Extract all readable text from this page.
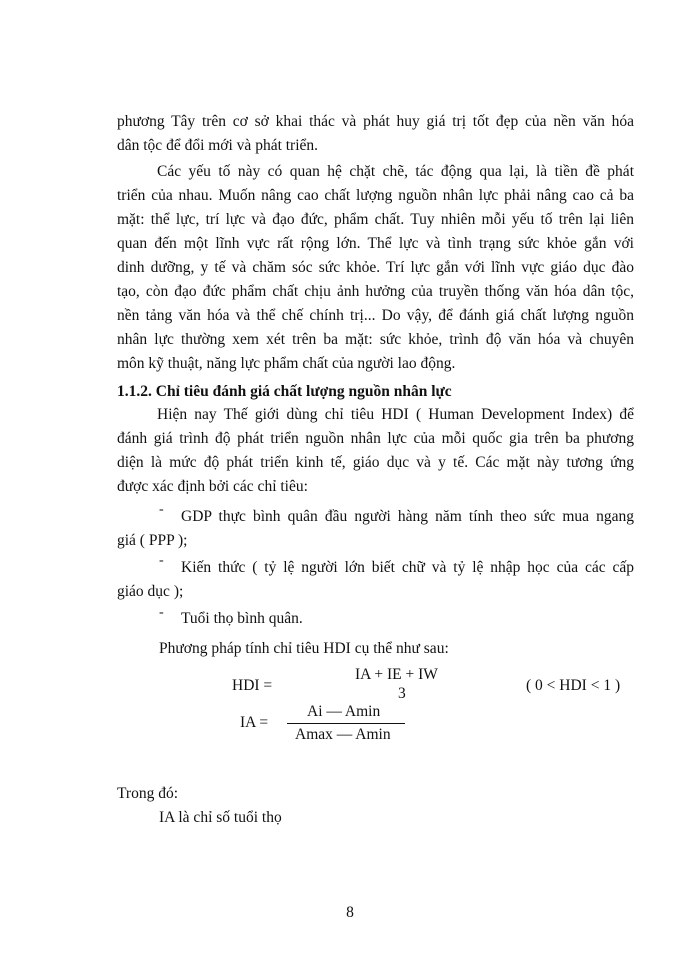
phương Tây trên cơ sở khai thác và phát huy giá trị tốt đẹp của nền văn hóa
dân tộc để đổi mới và phát triển.
Các yếu tố này có quan hệ chặt chẽ, tác động qua lại, là tiền đề phát
triển của nhau. Muốn nâng cao chất lượng nguồn nhân lực phải nâng cao cả ba
mặt: thể lực, trí lực và đạo đức, phẩm chất. Tuy nhiên mỗi yếu tố trên lại liên
quan đến một lĩnh vực rất rộng lớn. Thể lực và tình trạng sức khỏe gắn với
dinh dưỡng, y tế và chăm sóc sức khỏe. Trí lực gắn với lĩnh vực giáo dục đào
tạo, còn đạo đức phẩm chất chịu ảnh hưởng của truyền thống văn hóa dân tộc,
nền tảng văn hóa và thể chế chính trị... Do vậy, để đánh giá chất lượng nguồn
nhân lực thường xem xét trên ba mặt: sức khỏe, trình độ văn hóa và chuyên
môn kỹ thuật, năng lực phẩm chất của người lao động.
1.1.2. Chỉ tiêu đánh giá chất lượng nguồn nhân lực
Hiện nay Thế giới dùng chỉ tiêu HDI ( Human Development Index) để
đánh giá trình độ phát triển nguồn nhân lực của mỗi quốc gia trên ba phương
diện là mức độ phát triển kinh tế, giáo dục và y tế. Các mặt này tương ứng
được xác định bởi các chỉ tiêu:
- GDP thực bình quân đầu người hàng năm tính theo sức mua ngang
giá ( PPP );
- Kiến thức ( tỷ lệ người lớn biết chữ và tỷ lệ nhập học của các cấp
giáo dục );
- Tuổi thọ bình quân.
Phương pháp tính chỉ tiêu HDI cụ thể như sau:
HDI =
IA + IE + IW
3	( 0 < HDI < 1 )
IA =
Ai — Amin
Amax — Amin
Trong đó:
IA là chỉ số tuổi thọ
8
